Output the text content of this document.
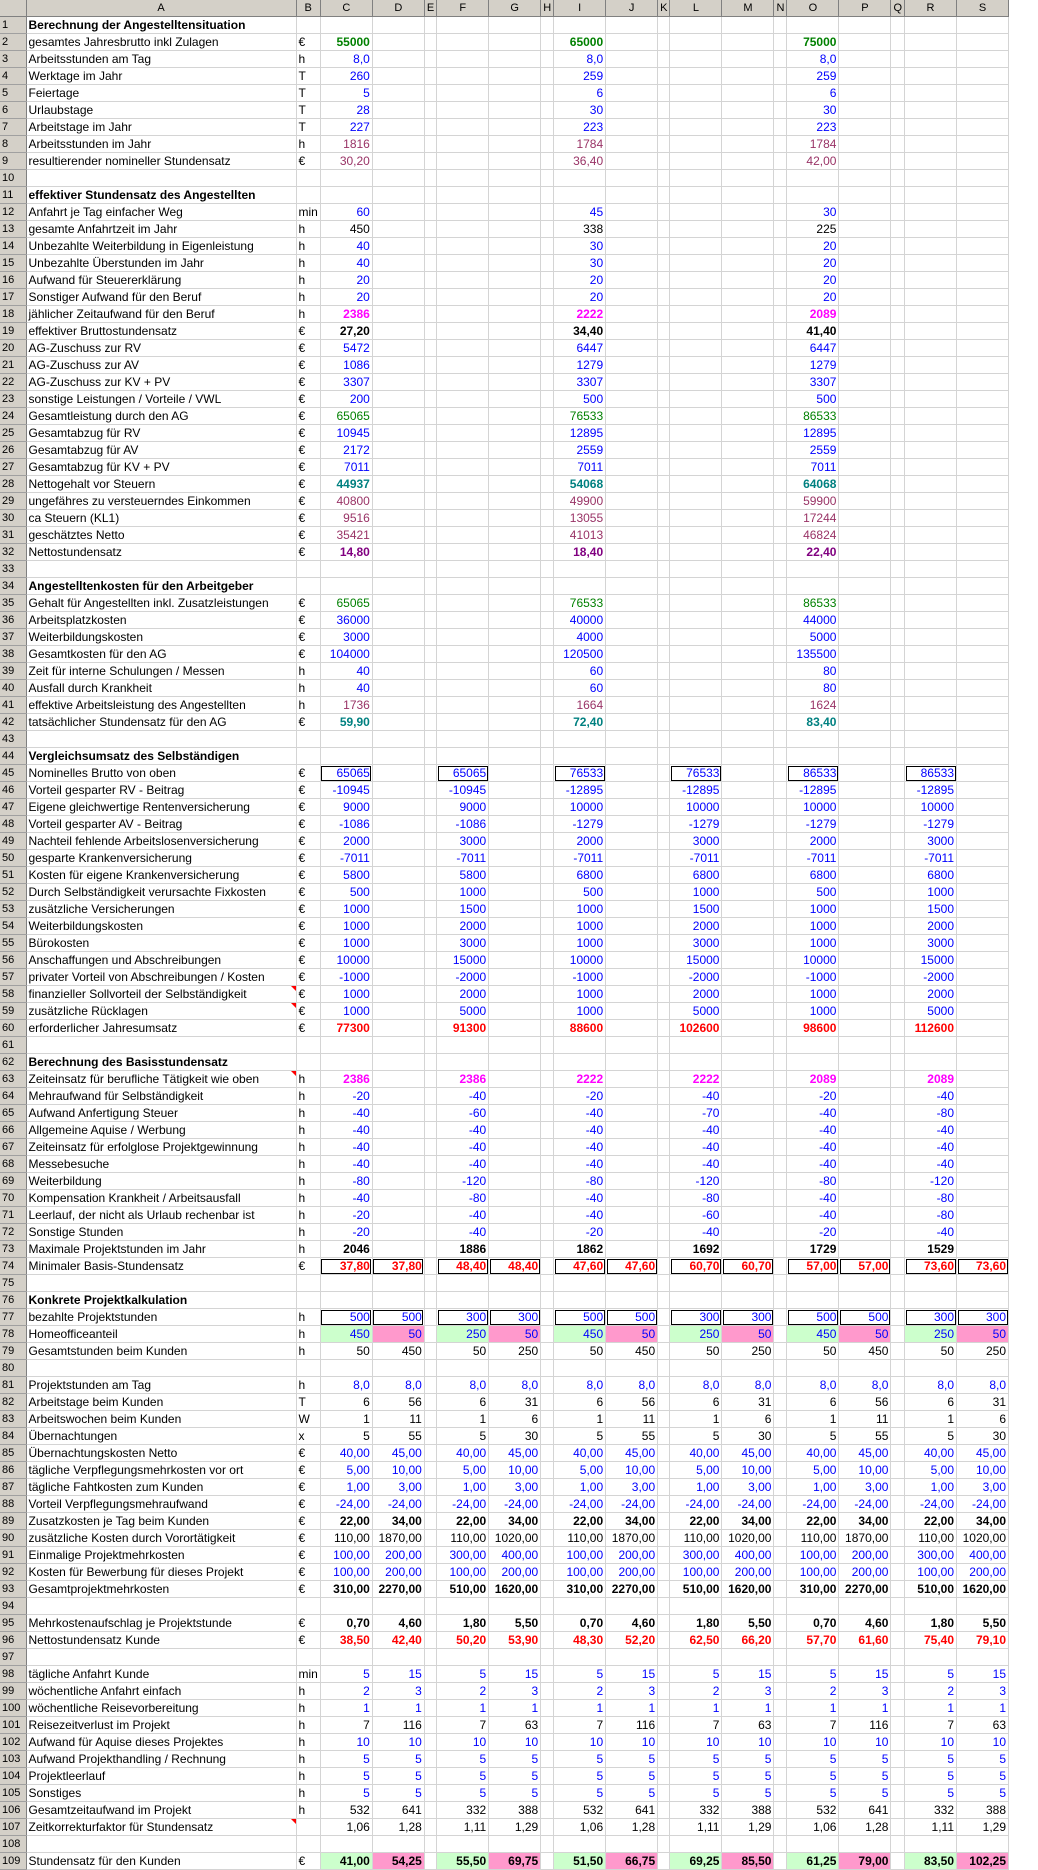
	A	B	C	D	E	F	G	H	I	J	K	L	M	N	O	P	Q	R	S
1	Berechnung der Angestelltensituation																		
2	gesamtes Jahresbrutto inkl Zulagen	€	55000						65000						75000				
3	Arbeitsstunden am Tag	h	8,0						8,0						8,0				
4	Werktage im Jahr	T	260						259						259				
5	Feiertage	T	5						6						6				
6	Urlaubstage	T	28						30						30				
7	Arbeitstage im Jahr	T	227						223						223				
8	Arbeitsstunden im Jahr	h	1816						1784						1784				
9	resultierender nomineller Stundensatz	€	30,20						36,40						42,00				
10																			
11	effektiver Stundensatz des Angestellten																		
12	Anfahrt je Tag einfacher Weg	min	60						45						30				
13	gesamte Anfahrtzeit im Jahr	h	450						338						225				
14	Unbezahlte Weiterbildung in Eigenleistung	h	40						30						20				
15	Unbezahlte Überstunden im Jahr	h	40						30						20				
16	Aufwand für Steuererklärung	h	20						20						20				
17	Sonstiger Aufwand für den Beruf	h	20						20						20				
18	jählicher Zeitaufwand für den Beruf	h	2386						2222						2089				
19	effektiver Bruttostundensatz	€	27,20						34,40						41,40				
20	AG-Zuschuss zur RV	€	5472						6447						6447				
21	AG-Zuschuss zur AV	€	1086						1279						1279				
22	AG-Zuschuss zur KV + PV	€	3307						3307						3307				
23	sonstige Leistungen / Vorteile / VWL	€	200						500						500				
24	Gesamtleistung durch den AG	€	65065						76533						86533				
25	Gesamtabzug für RV	€	10945						12895						12895				
26	Gesamtabzug für AV	€	2172						2559						2559				
27	Gesamtabzug für KV + PV	€	7011						7011						7011				
28	Nettogehalt vor Steuern	€	44937						54068						64068				
29	ungefähres zu versteuerndes Einkommen	€	40800						49900						59900				
30	ca Steuern (KL1)	€	9516						13055						17244				
31	geschätztes Netto	€	35421						41013						46824				
32	Nettostundensatz	€	14,80						18,40						22,40				
33																			
34	Angestelltenkosten für den Arbeitgeber																		
35	Gehalt für Angestellten inkl. Zusatzleistungen	€	65065						76533						86533				
36	Arbeitsplatzkosten	€	36000						40000						44000				
37	Weiterbildungskosten	€	3000						4000						5000				
38	Gesamtkosten für den AG	€	104000						120500						135500				
39	Zeit für interne Schulungen / Messen	h	40						60						80				
40	Ausfall durch Krankheit	h	40						60						80				
41	effektive Arbeitsleistung des Angestellten	h	1736						1664						1624				
42	tatsächlicher Stundensatz für den AG	€	59,90						72,40						83,40				
43																			
44	Vergleichsumsatz des Selbständigen																		
45	Nominelles Brutto von oben	€	65065			65065			76533			76533			86533			86533	
46	Vorteil gesparter RV - Beitrag	€	-10945			-10945			-12895			-12895			-12895			-12895	
47	Eigene gleichwertige Rentenversicherung	€	9000			9000			10000			10000			10000			10000	
48	Vorteil gesparter AV - Beitrag	€	-1086			-1086			-1279			-1279			-1279			-1279	
49	Nachteil fehlende Arbeitslosenversicherung	€	2000			3000			2000			3000			2000			3000	
50	gesparte Krankenversicherung	€	-7011			-7011			-7011			-7011			-7011			-7011	
51	Kosten für eigene Krankenversicherung	€	5800			5800			6800			6800			6800			6800	
52	Durch Selbständigkeit verursachte Fixkosten	€	500			1000			500			1000			500			1000	
53	zusätzliche Versicherungen	€	1000			1500			1000			1500			1000			1500	
54	Weiterbildungskosten	€	1000			2000			1000			2000			1000			2000	
55	Bürokosten	€	1000			3000			1000			3000			1000			3000	
56	Anschaffungen und Abschreibungen	€	10000			15000			10000			15000			10000			15000	
57	privater Vorteil von Abschreibungen / Kosten	€	-1000			-2000			-1000			-2000			-1000			-2000	
58	finanzieller Sollvorteil der Selbständigkeit	€	1000			2000			1000			2000			1000			2000	
59	zusätzliche Rücklagen	€	1000			5000			1000			5000			1000			5000	
60	erforderlicher Jahresumsatz	€	77300			91300			88600			102600			98600			112600	
61																			
62	Berechnung des Basisstundensatz																		
63	Zeiteinsatz für berufliche Tätigkeit wie oben	h	2386			2386			2222			2222			2089			2089	
64	Mehraufwand für Selbständigkeit	h	-20			-40			-20			-40			-20			-40	
65	Aufwand Anfertigung Steuer	h	-40			-60			-40			-70			-40			-80	
66	Allgemeine Aquise / Werbung	h	-40			-40			-40			-40			-40			-40	
67	Zeiteinsatz für erfolglose Projektgewinnung	h	-40			-40			-40			-40			-40			-40	
68	Messebesuche	h	-40			-40			-40			-40			-40			-40	
69	Weiterbildung	h	-80			-120			-80			-120			-80			-120	
70	Kompensation Krankheit / Arbeitsausfall	h	-40			-80			-40			-80			-40			-80	
71	Leerlauf, der nicht als Urlaub rechenbar ist	h	-20			-40			-40			-60			-40			-80	
72	Sonstige Stunden	h	-20			-40			-20			-40			-20			-40	
73	Maximale Projektstunden im Jahr	h	2046			1886			1862			1692			1729			1529	
74	Minimaler Basis-Stundensatz	€	37,80	37,80		48,40	48,40		47,60	47,60		60,70	60,70		57,00	57,00		73,60	73,60
75																			
76	Konkrete Projektkalkulation																		
77	bezahlte Projektstunden	h	500	500		300	300		500	500		300	300		500	500		300	300
78	Homeofficeanteil	h	450	50		250	50		450	50		250	50		450	50		250	50
79	Gesamtstunden beim Kunden	h	50	450		50	250		50	450		50	250		50	450		50	250
80																			
81	Projektstunden am Tag	h	8,0	8,0		8,0	8,0		8,0	8,0		8,0	8,0		8,0	8,0		8,0	8,0
82	Arbeitstage beim Kunden	T	6	56		6	31		6	56		6	31		6	56		6	31
83	Arbeitswochen beim Kunden	W	1	11		1	6		1	11		1	6		1	11		1	6
84	Übernachtungen	x	5	55		5	30		5	55		5	30		5	55		5	30
85	Übernachtungskosten Netto	€	40,00	45,00		40,00	45,00		40,00	45,00		40,00	45,00		40,00	45,00		40,00	45,00
86	tägliche Verpflegungsmehrkosten vor ort	€	5,00	10,00		5,00	10,00		5,00	10,00		5,00	10,00		5,00	10,00		5,00	10,00
87	tägliche Fahtkosten zum Kunden	€	1,00	3,00		1,00	3,00		1,00	3,00		1,00	3,00		1,00	3,00		1,00	3,00
88	Vorteil Verpflegungsmehraufwand	€	-24,00	-24,00		-24,00	-24,00		-24,00	-24,00		-24,00	-24,00		-24,00	-24,00		-24,00	-24,00
89	Zusatzkosten je Tag beim Kunden	€	22,00	34,00		22,00	34,00		22,00	34,00		22,00	34,00		22,00	34,00		22,00	34,00
90	zusätzliche Kosten durch Vorortätigkeit	€	110,00	1870,00		110,00	1020,00		110,00	1870,00		110,00	1020,00		110,00	1870,00		110,00	1020,00
91	Einmalige Projektmehrkosten	€	100,00	200,00		300,00	400,00		100,00	200,00		300,00	400,00		100,00	200,00		300,00	400,00
92	Kosten für Bewerbung für dieses Projekt	€	100,00	200,00		100,00	200,00		100,00	200,00		100,00	200,00		100,00	200,00		100,00	200,00
93	Gesamtprojektmehrkosten	€	310,00	2270,00		510,00	1620,00		310,00	2270,00		510,00	1620,00		310,00	2270,00		510,00	1620,00
94																			
95	Mehrkostenaufschlag je Projektstunde	€	0,70	4,60		1,80	5,50		0,70	4,60		1,80	5,50		0,70	4,60		1,80	5,50
96	Nettostundensatz Kunde	€	38,50	42,40		50,20	53,90		48,30	52,20		62,50	66,20		57,70	61,60		75,40	79,10
97																			
98	tägliche Anfahrt Kunde	min	5	15		5	15		5	15		5	15		5	15		5	15
99	wöchentliche Anfahrt einfach	h	2	3		2	3		2	3		2	3		2	3		2	3
100	wöchentliche Reisevorbereitung	h	1	1		1	1		1	1		1	1		1	1		1	1
101	Reisezeitverlust im Projekt	h	7	116		7	63		7	116		7	63		7	116		7	63
102	Aufwand für Aquise dieses Projektes	h	10	10		10	10		10	10		10	10		10	10		10	10
103	Aufwand Projekthandling / Rechnung	h	5	5		5	5		5	5		5	5		5	5		5	5
104	Projektleerlauf	h	5	5		5	5		5	5		5	5		5	5		5	5
105	Sonstiges	h	5	5		5	5		5	5		5	5		5	5		5	5
106	Gesamtzeitaufwand im Projekt	h	532	641		332	388		532	641		332	388		532	641		332	388
107	Zeitkorrekturfaktor für Stundensatz		1,06	1,28		1,11	1,29		1,06	1,28		1,11	1,29		1,06	1,28		1,11	1,29
108																			
109	Stundensatz für den Kunden	€	41,00	54,25		55,50	69,75		51,50	66,75		69,25	85,50		61,25	79,00		83,50	102,25
